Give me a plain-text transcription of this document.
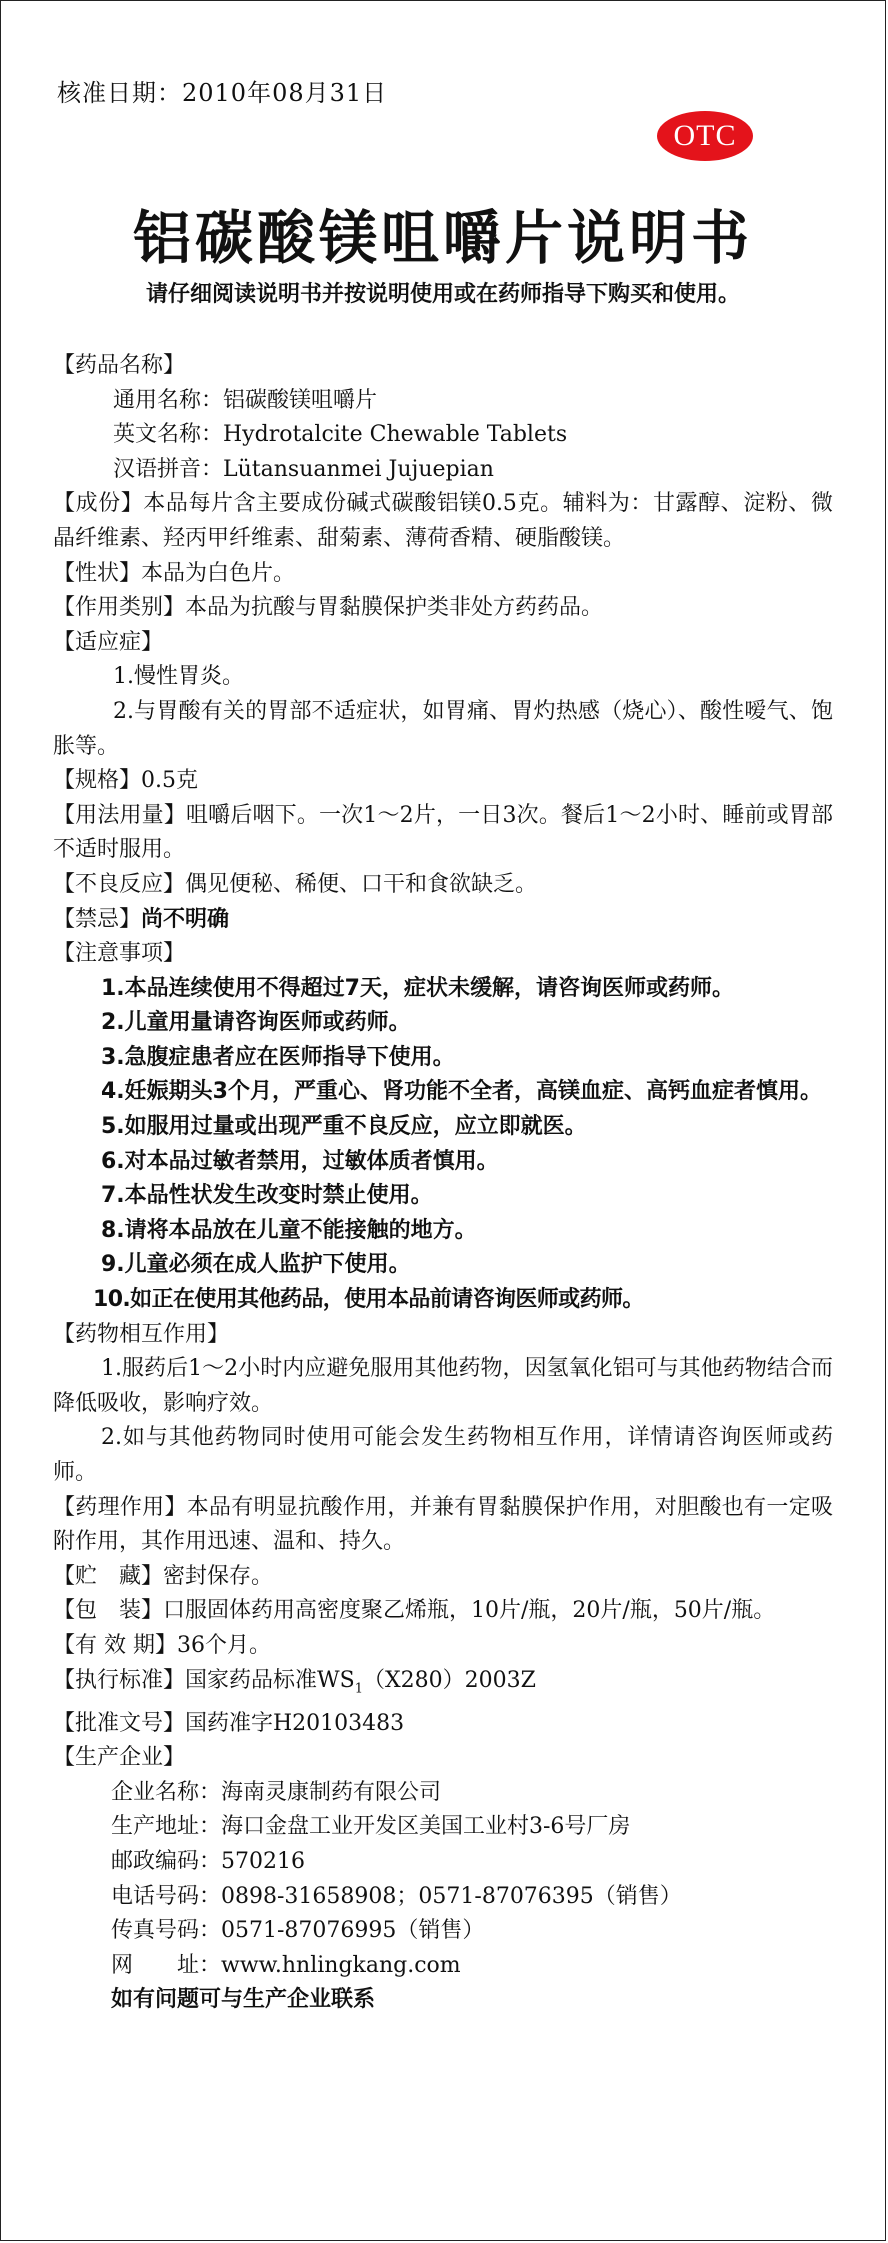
核准日期：2010年08月31日
OTC
铝碳酸镁咀嚼片说明书
请仔细阅读说明书并按说明使用或在药师指导下购买和使用。
【药品名称】
通用名称：铝碳酸镁咀嚼片
英文名称：Hydrotalcite Chewable Tablets
汉语拼音：Lütansuanmei Jujuepian
【成份】本品每片含主要成份碱式碳酸铝镁0.5克。辅料为：甘露醇、淀粉、微晶纤维素、羟丙甲纤维素、甜菊素、薄荷香精、硬脂酸镁。
【性状】本品为白色片。
【作用类别】本品为抗酸与胃黏膜保护类非处方药药品。
【适应症】
1.慢性胃炎。
2.与胃酸有关的胃部不适症状，如胃痛、胃灼热感（烧心）、酸性嗳气、饱胀等。
【规格】0.5克
【用法用量】咀嚼后咽下。一次1～2片，一日3次。餐后1～2小时、睡前或胃部不适时服用。
【不良反应】偶见便秘、稀便、口干和食欲缺乏。
【禁忌】尚不明确
【注意事项】
1.本品连续使用不得超过7天，症状未缓解，请咨询医师或药师。
2.儿童用量请咨询医师或药师。
3.急腹症患者应在医师指导下使用。
4.妊娠期头3个月，严重心、肾功能不全者，高镁血症、高钙血症者慎用。
5.如服用过量或出现严重不良反应，应立即就医。
6.对本品过敏者禁用，过敏体质者慎用。
7.本品性状发生改变时禁止使用。
8.请将本品放在儿童不能接触的地方。
9.儿童必须在成人监护下使用。
10.如正在使用其他药品，使用本品前请咨询医师或药师。
【药物相互作用】
1.服药后1～2小时内应避免服用其他药物，因氢氧化铝可与其他药物结合而降低吸收，影响疗效。
2.如与其他药物同时使用可能会发生药物相互作用，详情请咨询医师或药师。
【药理作用】本品有明显抗酸作用，并兼有胃黏膜保护作用，对胆酸也有一定吸附作用，其作用迅速、温和、持久。
【贮　藏】密封保存。
【包　装】口服固体药用高密度聚乙烯瓶，10片/瓶，20片/瓶，50片/瓶。
【有 效 期】36个月。
【执行标准】国家药品标准$WS_1(X280)2003Z$
【批准文号】国药准字H20103483
【生产企业】
企业名称：海南灵康制药有限公司
生产地址：海口金盘工业开发区美国工业村3-6号厂房
邮政编码：570216
电话号码：0898-31658908；0571-87076395（销售）
传真号码：0571-87076995（销售）
网　　址：www.hnlingkang.com
如有问题可与生产企业联系
